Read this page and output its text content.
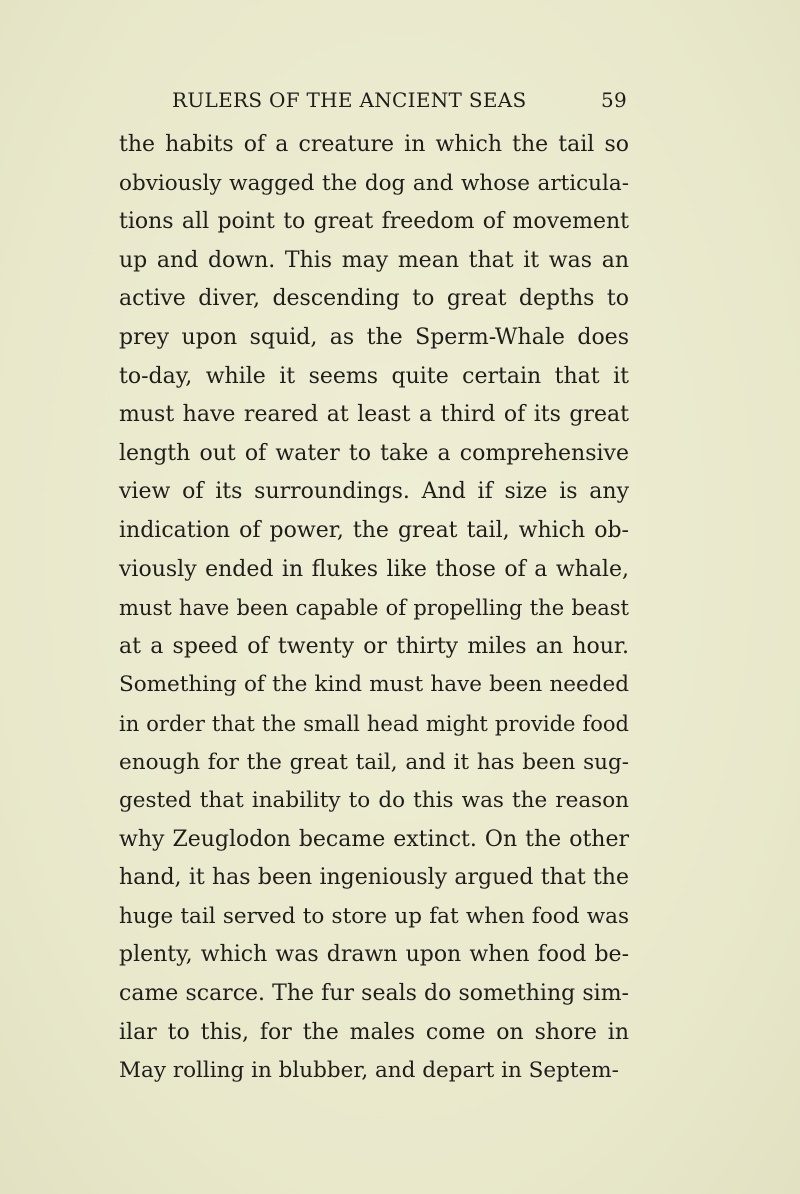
RULERS OF THE ANCIENT SEAS	59
the habits of a creature in which the tail so
obviously wagged the dog and whose articula-
tions all point to great freedom of movement
up and down. This may mean that it was an
active diver, descending to great depths to
prey upon squid, as the Sperm-Whale does
to-day, while it seems quite certain that it
must have reared at least a third of its great
length out of water to take a comprehensive
view of its surroundings. And if size is any
indication of power, the great tail, which ob-
viously ended in flukes like those of a whale,
must have been capable of propelling the beast
at a speed of twenty or thirty miles an hour.
Something of the kind must have been needed
in order that the small head might provide food
enough for the great tail, and it has been sug-
gested that inability to do this was the reason
why Zeuglodon became extinct. On the other
hand, it has been ingeniously argued that the
huge tail served to store up fat when food was
plenty, which was drawn upon when food be-
came scarce. The fur seals do something sim-
ilar to this, for the males come on shore in
May rolling in blubber, and depart in Septem-
